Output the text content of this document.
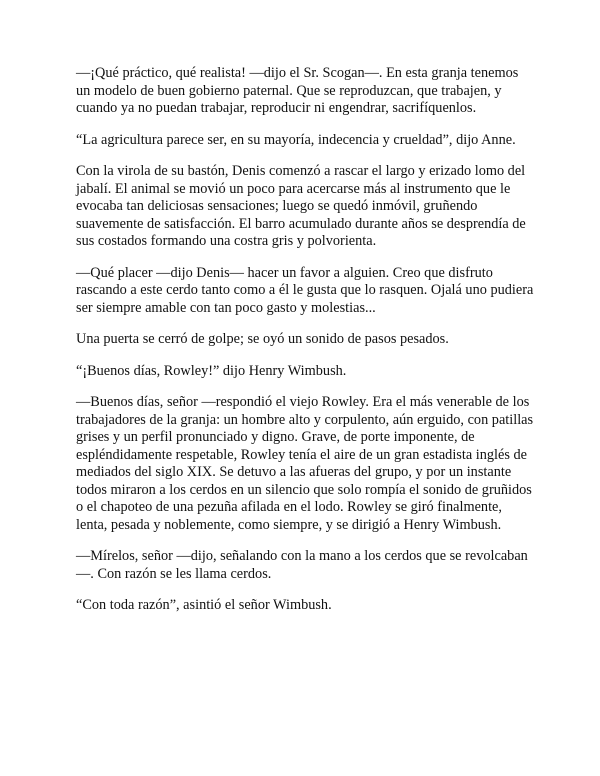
—¡Qué práctico, qué realista! —dijo el Sr. Scogan—. En esta granja tenemos un modelo de buen gobierno paternal. Que se reproduzcan, que trabajen, y cuando ya no puedan trabajar, reproducir ni engendrar, sacrifíquenlos.

“La agricultura parece ser, en su mayoría, indecencia y crueldad”, dijo Anne.

Con la virola de su bastón, Denis comenzó a rascar el largo y erizado lomo del jabalí. El animal se movió un poco para acercarse más al instrumento que le evocaba tan deliciosas sensaciones; luego se quedó inmóvil, gruñendo suavemente de satisfacción. El barro acumulado durante años se desprendía de sus costados formando una costra gris y polvorienta.

—Qué placer —dijo Denis— hacer un favor a alguien. Creo que disfruto rascando a este cerdo tanto como a él le gusta que lo rasquen. Ojalá uno pudiera ser siempre amable con tan poco gasto y molestias...

Una puerta se cerró de golpe; se oyó un sonido de pasos pesados.

“¡Buenos días, Rowley!” dijo Henry Wimbush.

—Buenos días, señor —respondió el viejo Rowley. Era el más venerable de los trabajadores de la granja: un hombre alto y corpulento, aún erguido, con patillas grises y un perfil pronunciado y digno. Grave, de porte imponente, de espléndidamente respetable, Rowley tenía el aire de un gran estadista inglés de mediados del siglo XIX. Se detuvo a las afueras del grupo, y por un instante todos miraron a los cerdos en un silencio que solo rompía el sonido de gruñidos o el chapoteo de una pezuña afilada en el lodo. Rowley se giró finalmente, lenta, pesada y noblemente, como siempre, y se dirigió a Henry Wimbush.

—Mírelos, señor —dijo, señalando con la mano a los cerdos que se revolcaban—. Con razón se les llama cerdos.

“Con toda razón”, asintió el señor Wimbush.
